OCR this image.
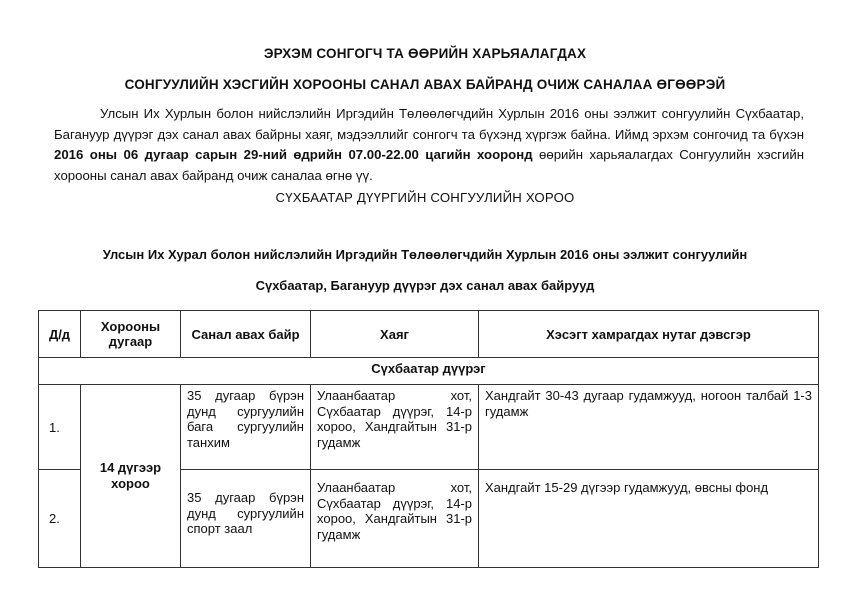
ЭРХЭМ СОНГОГЧ ТА ӨӨРИЙН ХАРЬЯАЛАГДАХ
СОНГУУЛИЙН ХЭСГИЙН ХОРООНЫ САНАЛ АВАХ БАЙРАНД ОЧИЖ САНАЛАА ӨГӨӨРЭЙ
Улсын Их Хурлын болон нийслэлийн Иргэдийн Төлөөлөгчдийн Хурлын 2016 оны ээлжит сонгуулийн Сүхбаатар, Багануур дүүрэг дэх санал авах байрны хаяг, мэдээллийг сонгогч та бүхэнд хүргэж байна. Иймд эрхэм сонгочид та бүхэн 2016 оны 06 дугаар сарын 29-ний өдрийн 07.00-22.00 цагийн хооронд өөрийн харьяалагдах Сонгуулийн хэсгийн хорооны санал авах байранд очиж саналаа өгнө үү.
СҮХБААТАР ДҮҮРГИЙН СОНГУУЛИЙН ХОРОО
Улсын Их Хурал болон нийслэлийн Иргэдийн Төлөөлөгчдийн Хурлын 2016 оны ээлжит сонгуулийн
Сүхбаатар, Багануур дүүрэг дэх санал авах байрууд
Д/д	Хорооны дугаар	Санал авах байр	Хаяг	Хэсэгт хамрагдах нутаг дэвсгэр
Сүхбаатар дүүрэг				
1.	14 дүгээр хороо	35 дугаар бүрэн дунд сургуулийн бага сургуулийн танхим	Улаанбаатар хот, Сүхбаатар дүүрэг, 14-р хороо, Хандгайтын 31-р гудамж	Хандгайт 30-43 дугаар гудамжууд, ногоон талбай 1-3 гудамж
2.		35 дугаар бүрэн дунд сургуулийн спорт заал	Улаанбаатар хот, Сүхбаатар дүүрэг, 14-р хороо, Хандгайтын 31-р гудамж	Хандгайт 15-29 дүгээр гудамжууд, өвсны фонд
